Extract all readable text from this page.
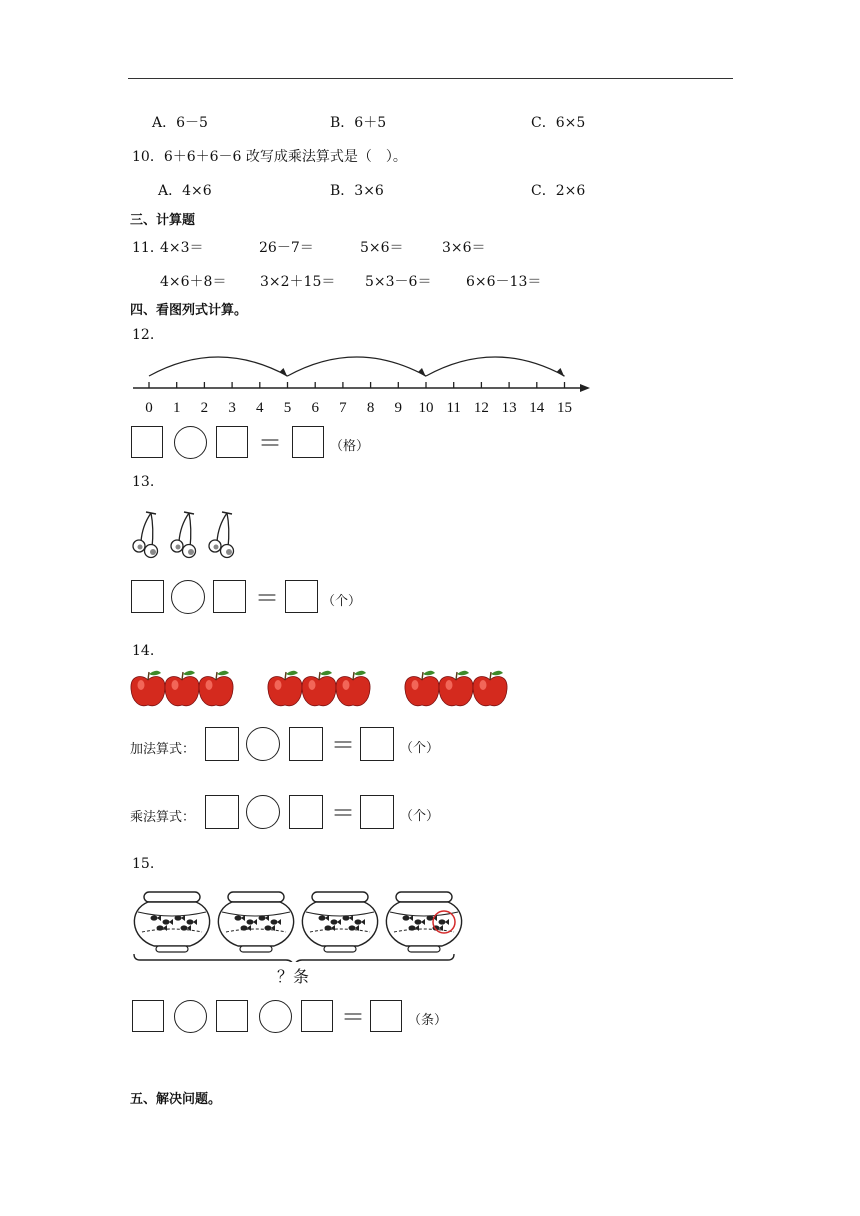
A．6－5	B．6＋5	C．6×5
10．6＋6＋6－6 改写成乘法算式是（　）。
A．4×6	B．3×6	C．2×6
三、计算题
11．
4×3＝	26－7＝	5×6＝	3×6＝
4×6＋8＝ 3×2＋15＝ 5×3－6＝ 6×6－13＝
四、看图列式计算。
12.
0 1 2 3 4 5 6 7 8 9 10 11 12 13 14 15
＝	（格）
13.
＝	（个）
14.
加法算式：	＝	（个）
乘法算式：	＝	（个）
15.
？条
＝	（条）
五、解决问题。
